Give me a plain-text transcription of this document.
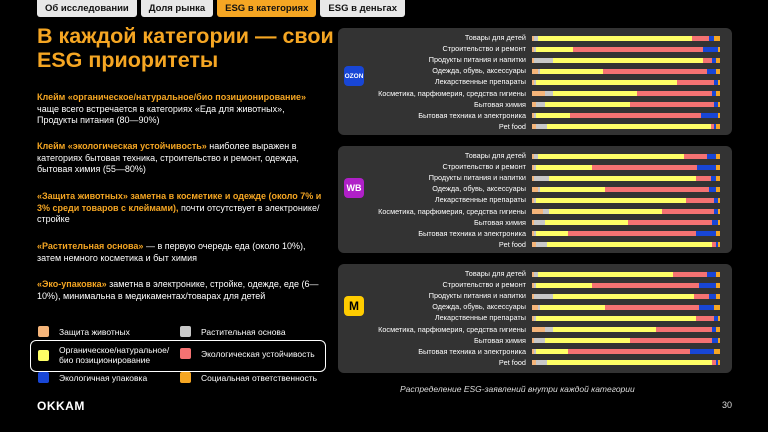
Об исследовании	Доля рынка	ESG в категориях	ESG в деньгах
В каждой категории — свои ESG приоритеты
Клейм «органическое/натуральное/био позиционирование» чаще всего встречается в категориях «Еда для животных», Продукты питания (80—90%)
Клейм «экологическая устойчивость» наиболее выражен в категориях бытовая техника, строительство и ремонт, одежда, бытовая химия (55—80%)
«Защита животных» заметна в косметике и одежде (около 7% и 3% среди товаров с клеймами), почти отсутствует в электронике/стройке
«Растительная основа» — в первую очередь еда (около 10%), затем немного косметика и быт химия
«Эко-упаковка» заметна в электронике, стройке, одежде, еде (6—10%), минимальна в медикаментах/товарах для детей
Защита животных	Растительная основа
Органическое/натуральное/ био позиционирование
Экологическая устойчивость
Экологичная упаковка	Социальная ответственность
OZON
Товары для детей
Строительство и ремонт
Продукты питания и напитки
Одежда, обувь, аксессуары
Лекарственные препараты
Косметика, парфюмерия, средства гигиены
Бытовая химия
Бытовая техника и электроника
Pet food
WB
Товары для детей
Строительство и ремонт
Продукты питания и напитки
Одежда, обувь, аксессуары
Лекарственные препараты
Косметика, парфюмерия, средства гигиены
Бытовая химия
Бытовая техника и электроника
Pet food
M
Товары для детей
Строительство и ремонт
Продукты питания и напитки
Одежда, обувь, аксессуары
Лекарственные препараты
Косметика, парфюмерия, средства гигиены
Бытовая химия
Бытовая техника и электроника
Pet food
Распределение ESG-заявлений внутри каждой категории
OKKAM	30
